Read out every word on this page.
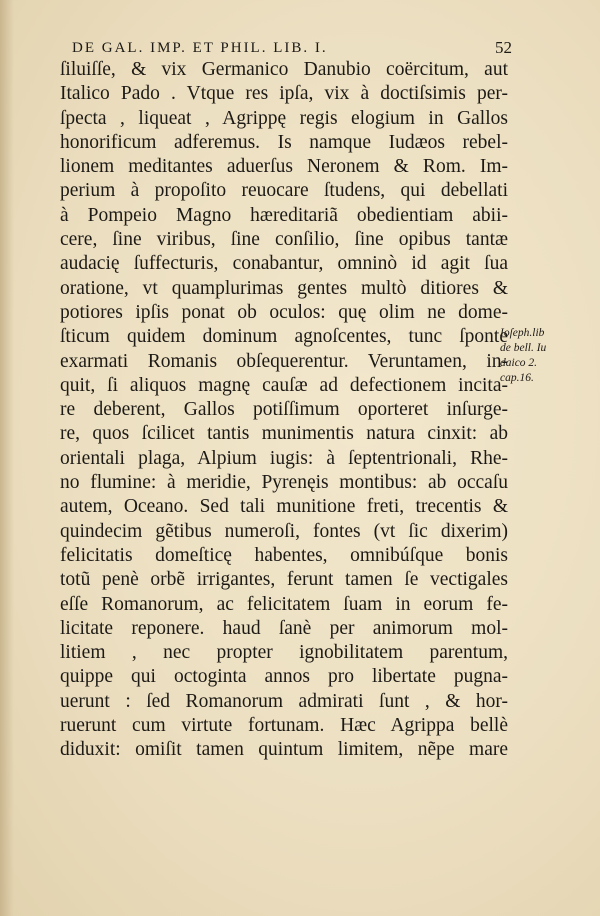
DE GAL. IMP. ET PHIL. LIB. I.	52
ſiluiſſe, & vix Germanico Danubio coërcitum, aut
Italico Pado . Vtque res ipſa, vix à doctiſsimis per-
ſpecta , liqueat , Agrippę regis elogium in Gallos
honorificum adferemus. Is namque Iudæos rebel-
lionem meditantes aduerſus Neronem & Rom. Im-
perium à propoſito reuocare ſtudens, qui debellati
à Pompeio Magno hæreditariã obedientiam abii-
cere, ſine viribus, ſine conſilio, ſine opibus tantæ
audacię ſuffecturis, conabantur, omninò id agit ſua
oratione, vt quamplurimas gentes multò ditiores &
potiores ipſis ponat ob oculos: quę olim ne dome-
ſticum quidem dominum agnoſcentes, tunc ſponte
exarmati Romanis obſequerentur. Veruntamen, in-
quit, ſi aliquos magnę cauſæ ad defectionem incita-
re deberent, Gallos potiſſimum oporteret inſurge-
re, quos ſcilicet tantis munimentis natura cinxit: ab
orientali plaga, Alpium iugis: à ſeptentrionali, Rhe-
no flumine: à meridie, Pyrenęis montibus: ab occaſu
autem, Oceano. Sed tali munitione freti, trecentis &
quindecim gẽtibus numeroſi, fontes (vt ſic dixerim)
felicitatis domeſticę habentes, omnibúſque bonis
totũ penè orbẽ irrigantes, ferunt tamen ſe vectigales
eſſe Romanorum, ac felicitatem ſuam in eorum fe-
licitate reponere. haud ſanè per animorum mol-
litiem , nec propter ignobilitatem parentum,
quippe qui octoginta annos pro libertate pugna-
uerunt : ſed Romanorum admirati ſunt , & hor-
ruerunt cum virtute fortunam. Hæc Agrippa bellè
diduxit: omiſit tamen quintum limitem, nẽpe mare
Ioſeph.lib
de bell. Iu
daico 2.
cap.16.
